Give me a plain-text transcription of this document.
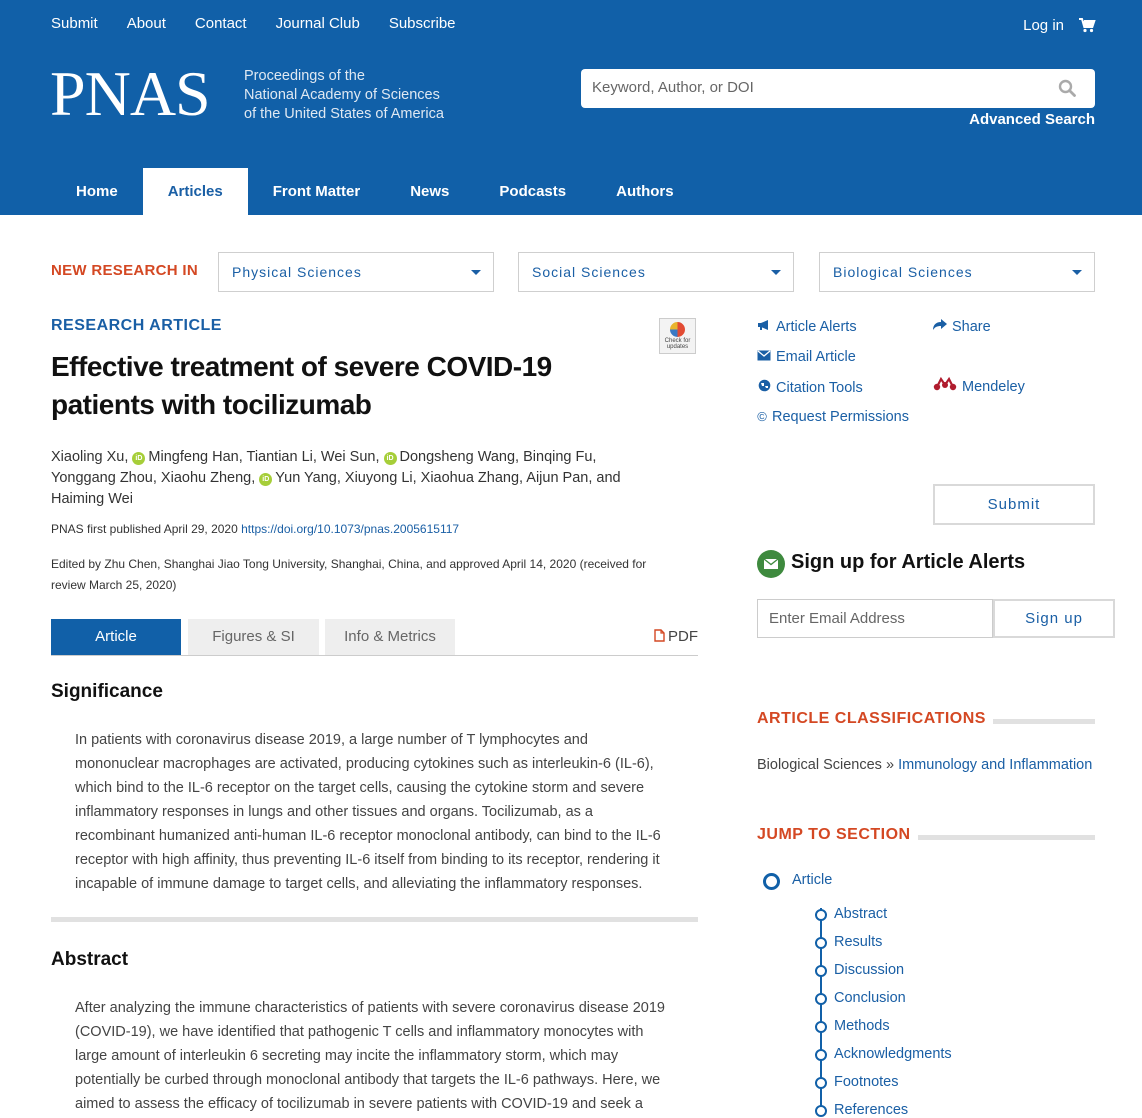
Submit About Contact Journal Club Subscribe	Log in
PNAS Proceedings of the
National Academy of Sciences
of the United States of America
Keyword, Author, or DOI	Advanced Search
Home	Articles	Front Matter	News	Podcasts	Authors
NEW RESEARCH IN	Physical Sciences	Social Sciences	Biological Sciences
RESEARCH ARTICLE
Check for updates
Effective treatment of severe COVID-19 patients with tocilizumab
Xiaoling Xu, iD Mingfeng Han, Tiantian Li, Wei Sun, iD Dongsheng Wang, Binqing Fu,
Yonggang Zhou, Xiaohu Zheng, iD Yun Yang, Xiuyong Li, Xiaohua Zhang, Aijun Pan, and
Haiming Wei
PNAS first published April 29, 2020 https://doi.org/10.1073/pnas.2005615117
Edited by Zhu Chen, Shanghai Jiao Tong University, Shanghai, China, and approved April 14, 2020 (received for review March 25, 2020)
Article	Figures & SI	Info & Metrics	PDF
Significance

In patients with coronavirus disease 2019, a large number of T lymphocytes and mononuclear macrophages are activated, producing cytokines such as interleukin-6 (IL-6), which bind to the IL-6 receptor on the target cells, causing the cytokine storm and severe inflammatory responses in lungs and other tissues and organs. Tocilizumab, as a recombinant humanized anti-human IL-6 receptor monoclonal antibody, can bind to the IL-6 receptor with high affinity, thus preventing IL-6 itself from binding to its receptor, rendering it incapable of immune damage to target cells, and alleviating the inflammatory responses.

Abstract

After analyzing the immune characteristics of patients with severe coronavirus disease 2019 (COVID-19), we have identified that pathogenic T cells and inflammatory monocytes with large amount of interleukin 6 secreting may incite the inflammatory storm, which may potentially be curbed through monoclonal antibody that targets the IL-6 pathways. Here, we aimed to assess the efficacy of tocilizumab in severe patients with COVID-19 and seek a

Article Alerts
Email Article
Citation Tools
© Request Permissions
Share
Mendeley
Submit
Sign up for Article Alerts
Enter Email Address	Sign up
ARTICLE CLASSIFICATIONS
Biological Sciences » Immunology and Inflammation
JUMP TO SECTION
Article
Abstract
Results
Discussion
Conclusion
Methods
Acknowledgments
Footnotes
References
